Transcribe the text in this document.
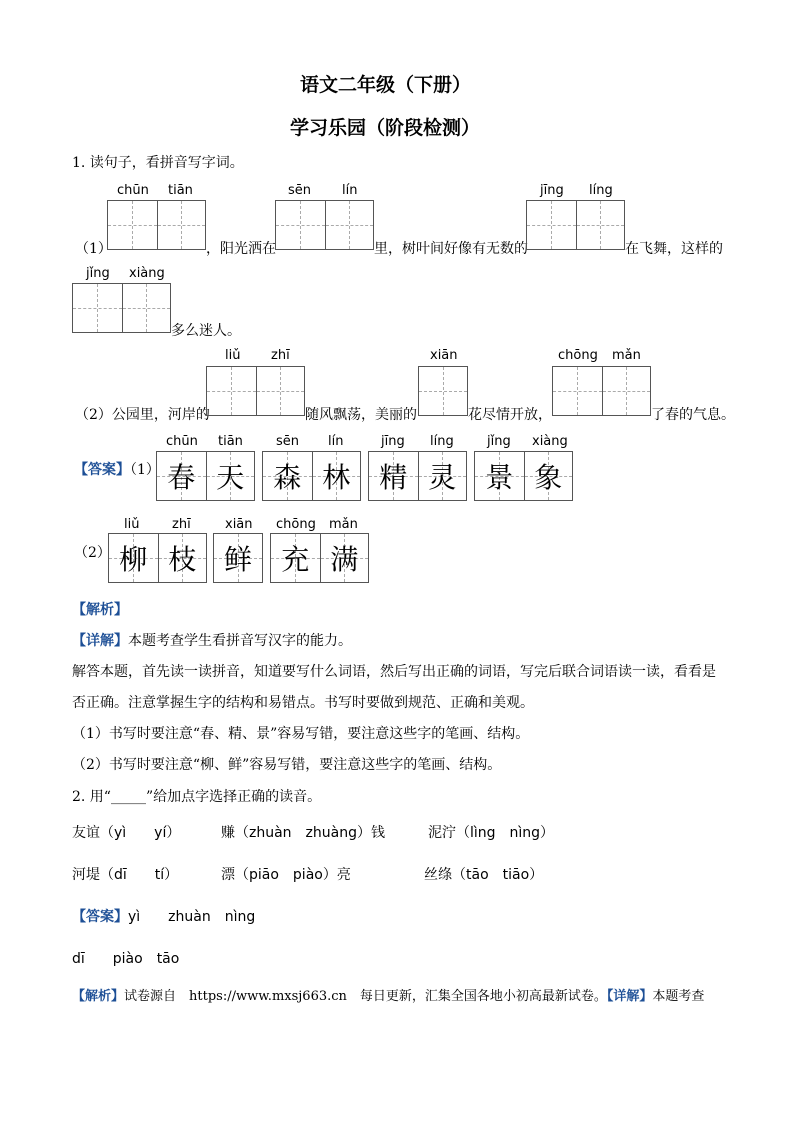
语文二年级（下册）
学习乐园（阶段检测）
1. 读句子，看拼音写字词。
chūn tiān	sēn lín	jīng líng
（1）	，阳光洒在	里，树叶间好像有无数的	在飞舞，这样的
jǐng xiàng
多么迷人。
liǔ zhī	xiān	chōng mǎn
（2）公园里，河岸的	随风飘荡，美丽的	花尽情开放，	了春的气息。
【答案】（1）
chūn tiān	sēn lín	jīng líng	jǐng xiàng
春 天 森 林 精 灵 景 象
（2）
liǔ	zhī	xiān chōng mǎn
柳 枝 鲜 充 满
【解析】
【详解】本题考查学生看拼音写汉字的能力。
解答本题，首先读一读拼音，知道要写什么词语，然后写出正确的词语，写完后联合词语读一读，看看是
否正确。注意掌握生字的结构和易错点。书写时要做到规范、正确和美观。
（1）书写时要注意“春、精、景”容易写错，要注意这些字的笔画、结构。
（2）书写时要注意“柳、鲜”容易写错，要注意这些字的笔画、结构。
2. 用“_____”给加点字选择正确的读音。
友谊（yì　　yí）	赚（zhuàn　zhuàng）钱	泥泞（lìng　nìng）
河堤（dī　　tí）	漂（piāo　piào）亮	丝绦（tāo　tiāo）
【答案】yì　　zhuàn　nìng
dī　　piào　tāo
【解析】试卷源自　https://www.mxsj663.cn　每日更新，汇集全国各地小初高最新试卷。【详解】本题考查
